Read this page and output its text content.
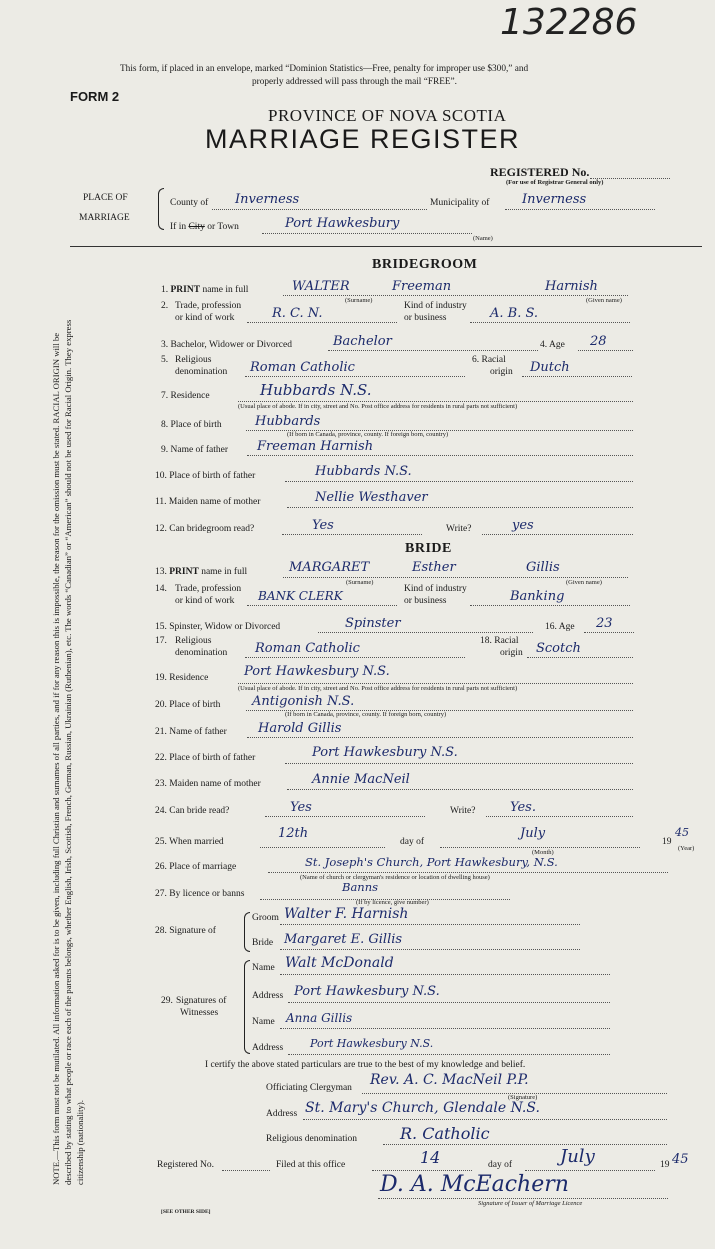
132286
This form, if placed in an envelope, marked “Dominion Statistics—Free, penalty for improper use $300,” and
properly addressed will pass through the mail “FREE”.
FORM 2
PROVINCE OF NOVA SCOTIA
MARRIAGE REGISTER
REGISTERED No.
(For use of Registrar General only)
PLACE OF
MARRIAGE
County of Inverness	Municipality of	Inverness
If in City or Town	Port Hawkesbury
(Name)
BRIDEGROOM
1. PRINT name in full	WALTER	Freeman	Harnish
(Surname)	(Given name)
2. Trade, profession
or kind of work	R. C. N.	Kind of industry
or business	A. B. S.
3. Bachelor, Widower or Divorced	Bachelor	4. Age 28
5. Religious
denomination Roman Catholic	6. Racial
origin Dutch
7. Residence	Hubbards N.S.
(Usual place of abode. If in city, street and No. Post office address for residents in rural parts not sufficient)
8. Place of birth	Hubbards
(If born in Canada, province, county. If foreign born, country)
9. Name of father Freeman Harnish
10. Place of birth of father	Hubbards N.S.
11. Maiden name of mother	Nellie Westhaver
12. Can bridegroom read?	Yes	Write?	yes
BRIDE
13. PRINT name in full	MARGARET	Esther	Gillis
(Surname)	(Given name)
14. Trade, profession
or kind of work BANK CLERK	Kind of industry
or business	Banking
15. Spinster, Widow or Divorced	Spinster	16. Age 23
17. Religious
denomination Roman Catholic	18. Racial
origin Scotch
19. Residence	Port Hawkesbury N.S.
(Usual place of abode. If in city, street and No. Post office address for residents in rural parts not sufficient)
20. Place of birth Antigonish N.S.
(If born in Canada, province, county. If foreign born, country)
21. Name of father Harold Gillis
22. Place of birth of father	Port Hawkesbury N.S.
23. Maiden name of mother	Annie MacNeil
24. Can bride read?	Yes	Write?	Yes.
25. When married
12th
day of
July
(Month)
19
45
(Year)
26. Place of marriage	St. Joseph's Church, Port Hawkesbury, N.S.
(Name of church or clergyman's residence or location of dwelling house)
27. By licence or banns	Banns
(If by licence, give number)
28. Signature of
Groom Walter F. Harnish
Bride Margaret E. Gillis
29. Signatures of
Witnesses
Name Walt McDonald
Address Port Hawkesbury N.S.
Name Anna Gillis
Address Port Hawkesbury N.S.
I certify the above stated particulars are true to the best of my knowledge and belief.
Officiating Clergyman Rev. A. C. MacNeil P.P.
(Signature)
Address St. Mary's Church, Glendale N.S.
Religious denomination	R. Catholic
Registered No.	Filed at this office	14	day of	July	19 45
D. A. McEachern
Signature of Issuer of Marriage Licence
[SEE OTHER SIDE]
NOTE.—This form must not be mutilated. All information asked for is to be given, including full Christian and surnames of all parties, and if for any reason this is impossible, the reason for the omission must be stated. RACIAL ORIGIN will be described by stating to what people or race each of the parents belongs, whether English, Irish, Scottish, French, German, Russian, Ukrainian (Ruthenian), etc. The words “Canadian” or “American” should not be used for Racial Origin. They express citizenship (nationality).
